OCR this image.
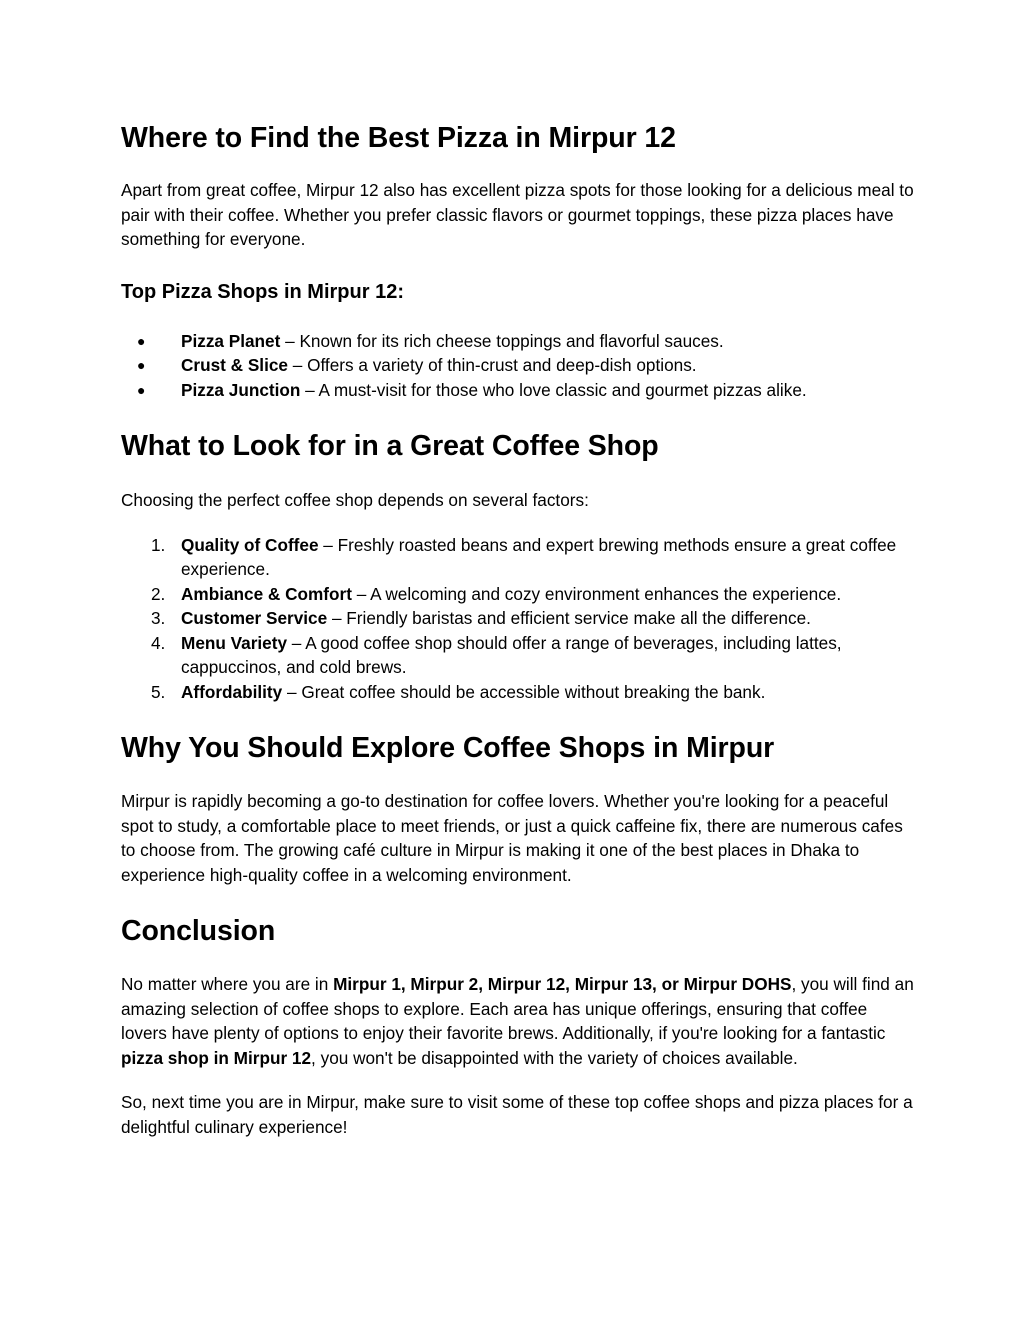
Where to Find the Best Pizza in Mirpur 12

Apart from great coffee, Mirpur 12 also has excellent pizza spots for those looking for a delicious meal to pair with their coffee. Whether you prefer classic flavors or gourmet toppings, these pizza places have something for everyone.

Top Pizza Shops in Mirpur 12:
● Pizza Planet – Known for its rich cheese toppings and flavorful sauces.
● Crust & Slice – Offers a variety of thin-crust and deep-dish options.
● Pizza Junction – A must-visit for those who love classic and gourmet pizzas alike.
What to Look for in a Great Coffee Shop

Choosing the perfect coffee shop depends on several factors:

1. Quality of Coffee – Freshly roasted beans and expert brewing methods ensure a great coffee experience.
2. Ambiance & Comfort – A welcoming and cozy environment enhances the experience.
3. Customer Service – Friendly baristas and efficient service make all the difference.
4. Menu Variety – A good coffee shop should offer a range of beverages, including lattes, cappuccinos, and cold brews.
5. Affordability – Great coffee should be accessible without breaking the bank.
Why You Should Explore Coffee Shops in Mirpur

Mirpur is rapidly becoming a go-to destination for coffee lovers. Whether you're looking for a peaceful spot to study, a comfortable place to meet friends, or just a quick caffeine fix, there are numerous cafes to choose from. The growing café culture in Mirpur is making it one of the best places in Dhaka to experience high-quality coffee in a welcoming environment.

Conclusion

No matter where you are in Mirpur 1, Mirpur 2, Mirpur 12, Mirpur 13, or Mirpur DOHS, you will find an amazing selection of coffee shops to explore. Each area has unique offerings, ensuring that coffee lovers have plenty of options to enjoy their favorite brews. Additionally, if you're looking for a fantastic pizza shop in Mirpur 12, you won't be disappointed with the variety of choices available.

So, next time you are in Mirpur, make sure to visit some of these top coffee shops and pizza places for a delightful culinary experience!
